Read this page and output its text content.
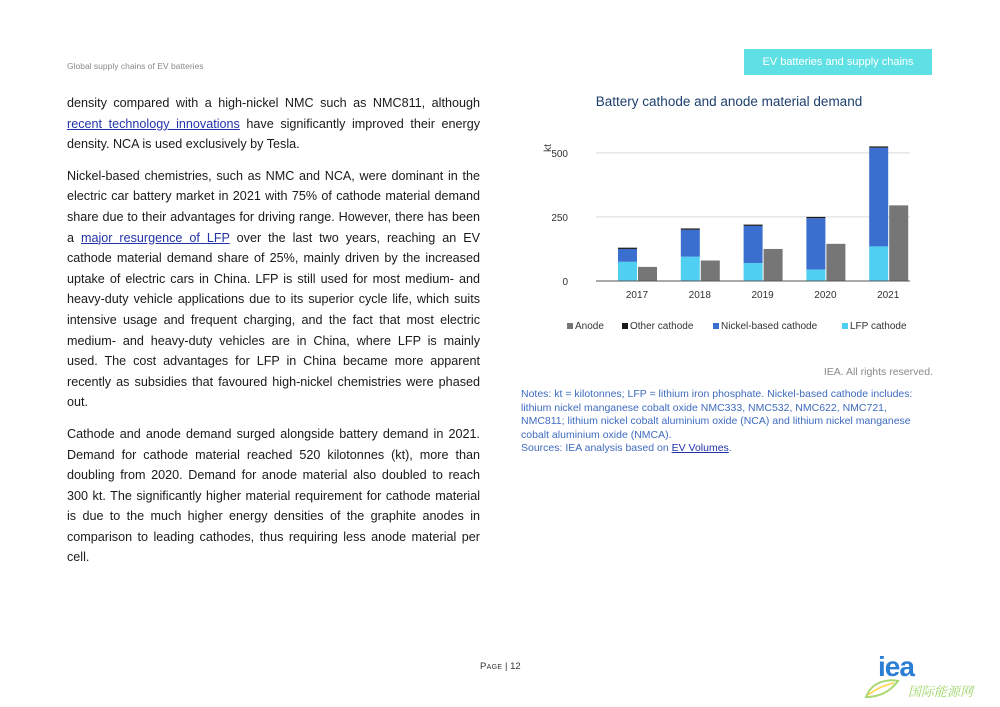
Global supply chains of EV batteries	EV batteries and supply chains

density compared with a high-nickel NMC such as NMC811, although recent technology innovations have significantly improved their energy density. NCA is used exclusively by Tesla.

Nickel-based chemistries, such as NMC and NCA, were dominant in the electric car battery market in 2021 with 75% of cathode material demand share due to their advantages for driving range. However, there has been a major resurgence of LFP over the last two years, reaching an EV cathode material demand share of 25%, mainly driven by the increased uptake of electric cars in China. LFP is still used for most medium- and heavy-duty vehicle applications due to its superior cycle life, which suits intensive usage and frequent charging, and the fact that most electric medium- and heavy-duty vehicles are in China, where LFP is mainly used. The cost advantages for LFP in China became more apparent recently as subsidies that favoured high-nickel chemistries were phased out.

Cathode and anode demand surged alongside battery demand in 2021. Demand for cathode material reached 520 kilotonnes (kt), more than doubling from 2020. Demand for anode material also doubled to reach 300 kt. The significantly higher material requirement for cathode material is due to the much higher energy densities of the graphite anodes in comparison to leading cathodes, thus requiring less anode material per cell.

Battery cathode and anode material demand
kt
0
250
500
2017	2018	2019	2020	2021
Anode	Other cathode	Nickel-based cathode	LFP cathode
IEA. All rights reserved.
Notes: kt = kilotonnes; LFP = lithium iron phosphate. Nickel-based cathode includes: lithium nickel manganese cobalt oxide NMC333, NMC532, NMC622, NMC721, NMC811; lithium nickel cobalt aluminium oxide (NCA) and lithium nickel manganese cobalt aluminium oxide (NMCA).
Sources: IEA analysis based on EV Volumes.
Page | 12	iea
国际能源网
